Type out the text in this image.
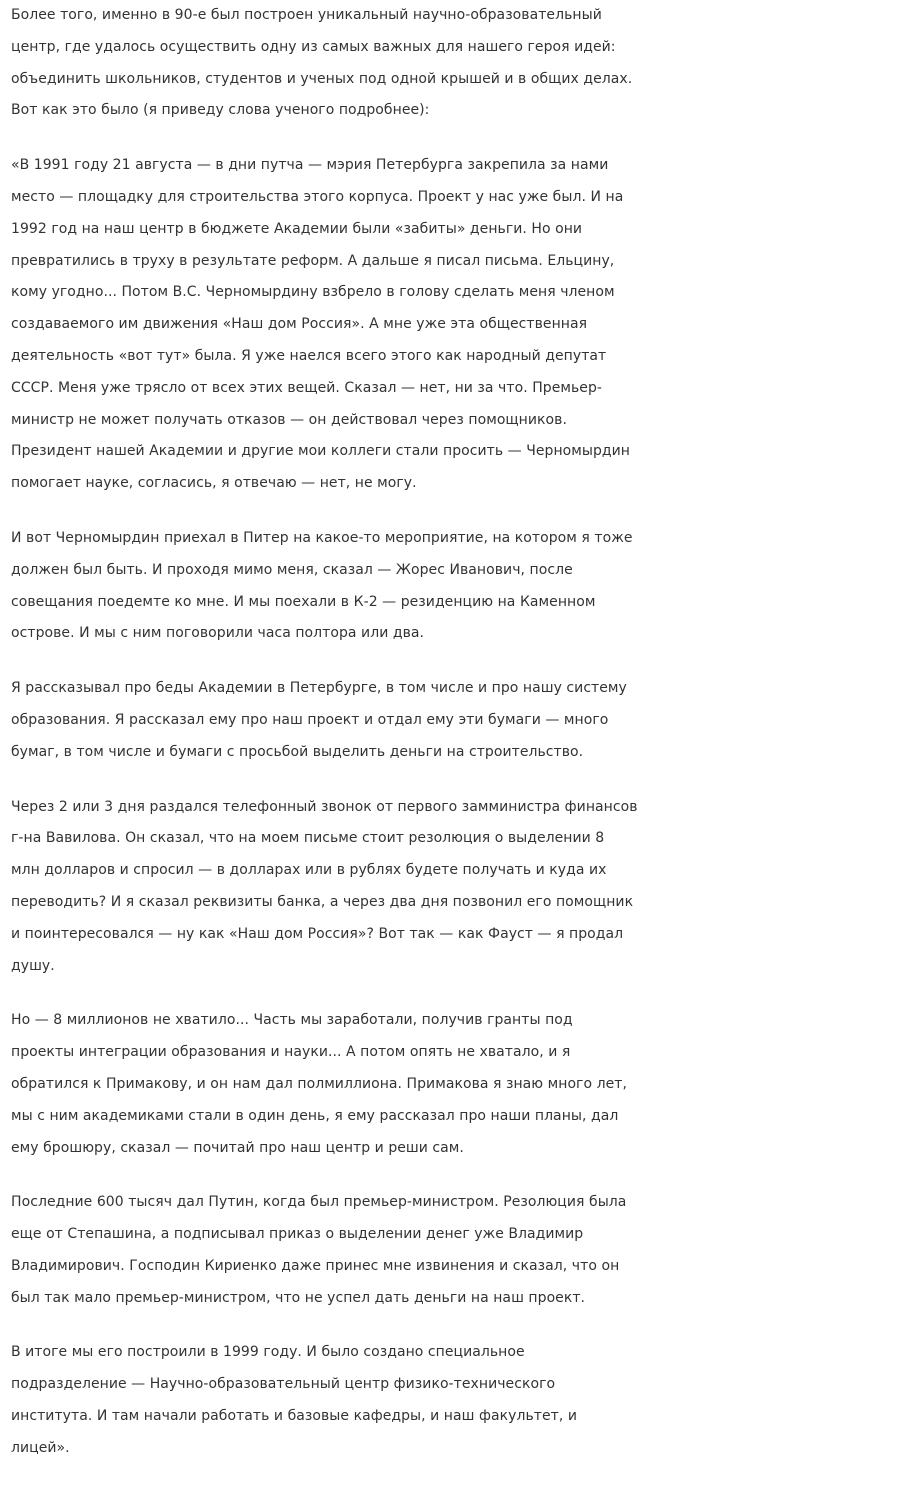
Более того, именно в 90-е был построен уникальный научно-образовательный
центр, где удалось осуществить одну из самых важных для нашего героя идей:
объединить школьников, студентов и ученых под одной крышей и в общих делах.
Вот как это было (я приведу слова ученого подробнее):

«В 1991 году 21 августа — в дни путча — мэрия Петербурга закрепила за нами
место — площадку для строительства этого корпуса. Проект у нас уже был. И на
1992 год на наш центр в бюджете Академии были «забиты» деньги. Но они
превратились в труху в результате реформ. А дальше я писал письма. Ельцину,
кому угодно... Потом В.С. Черномырдину взбрело в голову сделать меня членом
создаваемого им движения «Наш дом Россия». А мне уже эта общественная
деятельность «вот тут» была. Я уже наелся всего этого как народный депутат
СССР. Меня уже трясло от всех этих вещей. Сказал — нет, ни за что. Премьер-
министр не может получать отказов — он действовал через помощников.
Президент нашей Академии и другие мои коллеги стали просить — Черномырдин
помогает науке, согласись, я отвечаю — нет, не могу.

И вот Черномырдин приехал в Питер на какое-то мероприятие, на котором я тоже
должен был быть. И проходя мимо меня, сказал — Жорес Иванович, после
совещания поедемте ко мне. И мы поехали в К-2 — резиденцию на Каменном
острове. И мы с ним поговорили часа полтора или два.

Я рассказывал про беды Академии в Петербурге, в том числе и про нашу систему
образования. Я рассказал ему про наш проект и отдал ему эти бумаги — много
бумаг, в том числе и бумаги с просьбой выделить деньги на строительство.

Через 2 или 3 дня раздался телефонный звонок от первого замминистра финансов
г-на Вавилова. Он сказал, что на моем письме стоит резолюция о выделении 8
млн долларов и спросил — в долларах или в рублях будете получать и куда их
переводить? И я сказал реквизиты банка, а через два дня позвонил его помощник
и поинтересовался — ну как «Наш дом Россия»? Вот так — как Фауст — я продал
душу.

Но — 8 миллионов не хватило... Часть мы заработали, получив гранты под
проекты интеграции образования и науки... А потом опять не хватало, и я
обратился к Примакову, и он нам дал полмиллиона. Примакова я знаю много лет,
мы с ним академиками стали в один день, я ему рассказал про наши планы, дал
ему брошюру, сказал — почитай про наш центр и реши сам.

Последние 600 тысяч дал Путин, когда был премьер-министром. Резолюция была
еще от Степашина, а подписывал приказ о выделении денег уже Владимир
Владимирович. Господин Кириенко даже принес мне извинения и сказал, что он
был так мало премьер-министром, что не успел дать деньги на наш проект.

В итоге мы его построили в 1999 году. И было создано специальное
подразделение — Научно-образовательный центр физико-технического
института. И там начали работать и базовые кафедры, и наш факультет, и
лицей».
